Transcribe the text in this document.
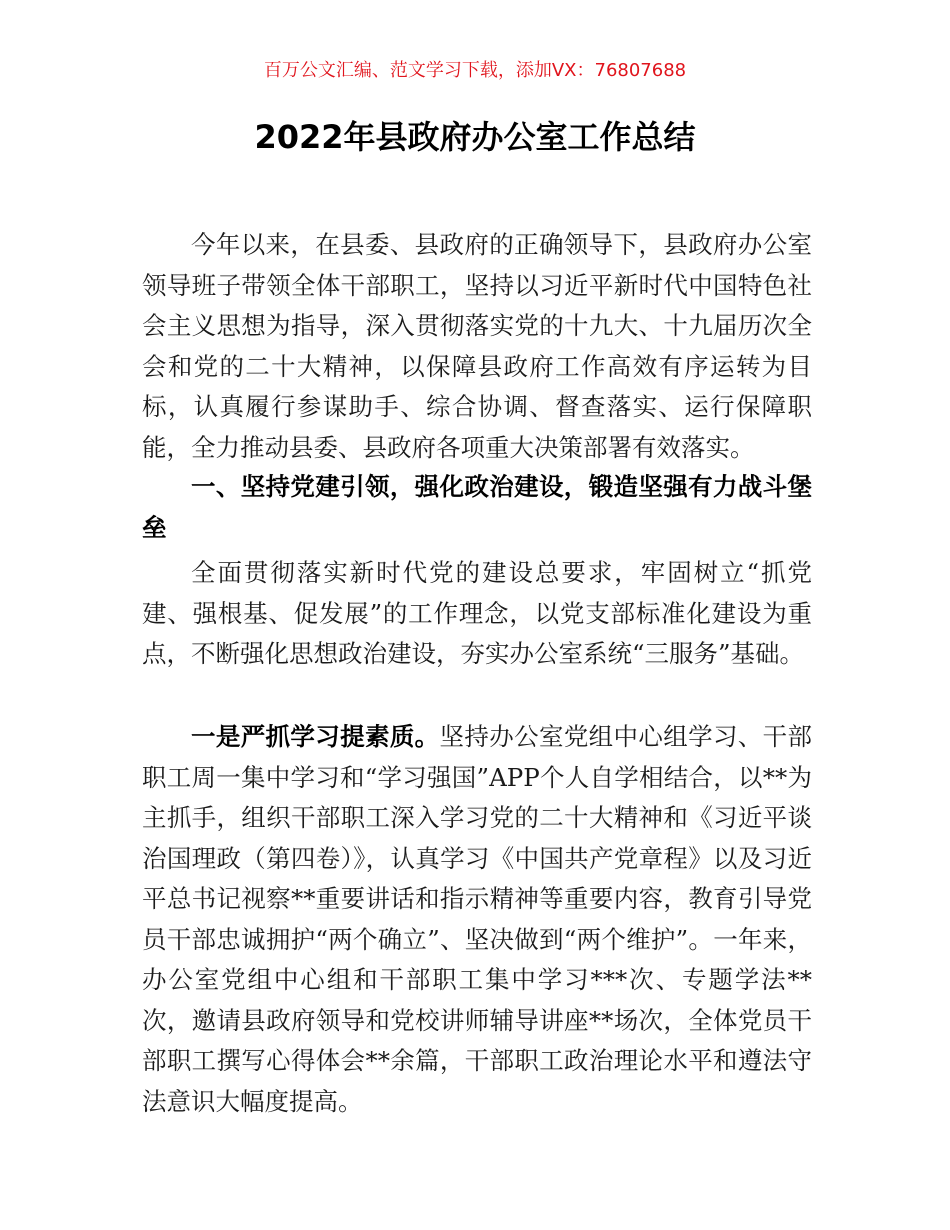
百万公文汇编、范文学习下载，添加VX：76807688
2022年县政府办公室工作总结

今年以来，在县委、县政府的正确领导下，县政府办公室领导班子带领全体干部职工，坚持以习近平新时代中国特色社会主义思想为指导，深入贯彻落实党的十九大、十九届历次全会和党的二十大精神，以保障县政府工作高效有序运转为目标，认真履行参谋助手、综合协调、督查落实、运行保障职能，全力推动县委、县政府各项重大决策部署有效落实。

一、坚持党建引领，强化政治建设，锻造坚强有力战斗堡垒

全面贯彻落实新时代党的建设总要求，牢固树立“抓党建、强根基、促发展”的工作理念，以党支部标准化建设为重点，不断强化思想政治建设，夯实办公室系统“三服务”基础。

一是严抓学习提素质。坚持办公室党组中心组学习、干部职工周一集中学习和“学习强国”APP个人自学相结合，以**为主抓手，组织干部职工深入学习党的二十大精神和《习近平谈治国理政（第四卷）》，认真学习《中国共产党章程》以及习近平总书记视察**重要讲话和指示精神等重要内容，教育引导党员干部忠诚拥护“两个确立”、坚决做到“两个维护”。一年来，办公室党组中心组和干部职工集中学习***次、专题学法**次，邀请县政府领导和党校讲师辅导讲座**场次，全体党员干部职工撰写心得体会**余篇，干部职工政治理论水平和遵法守法意识大幅度提高。
